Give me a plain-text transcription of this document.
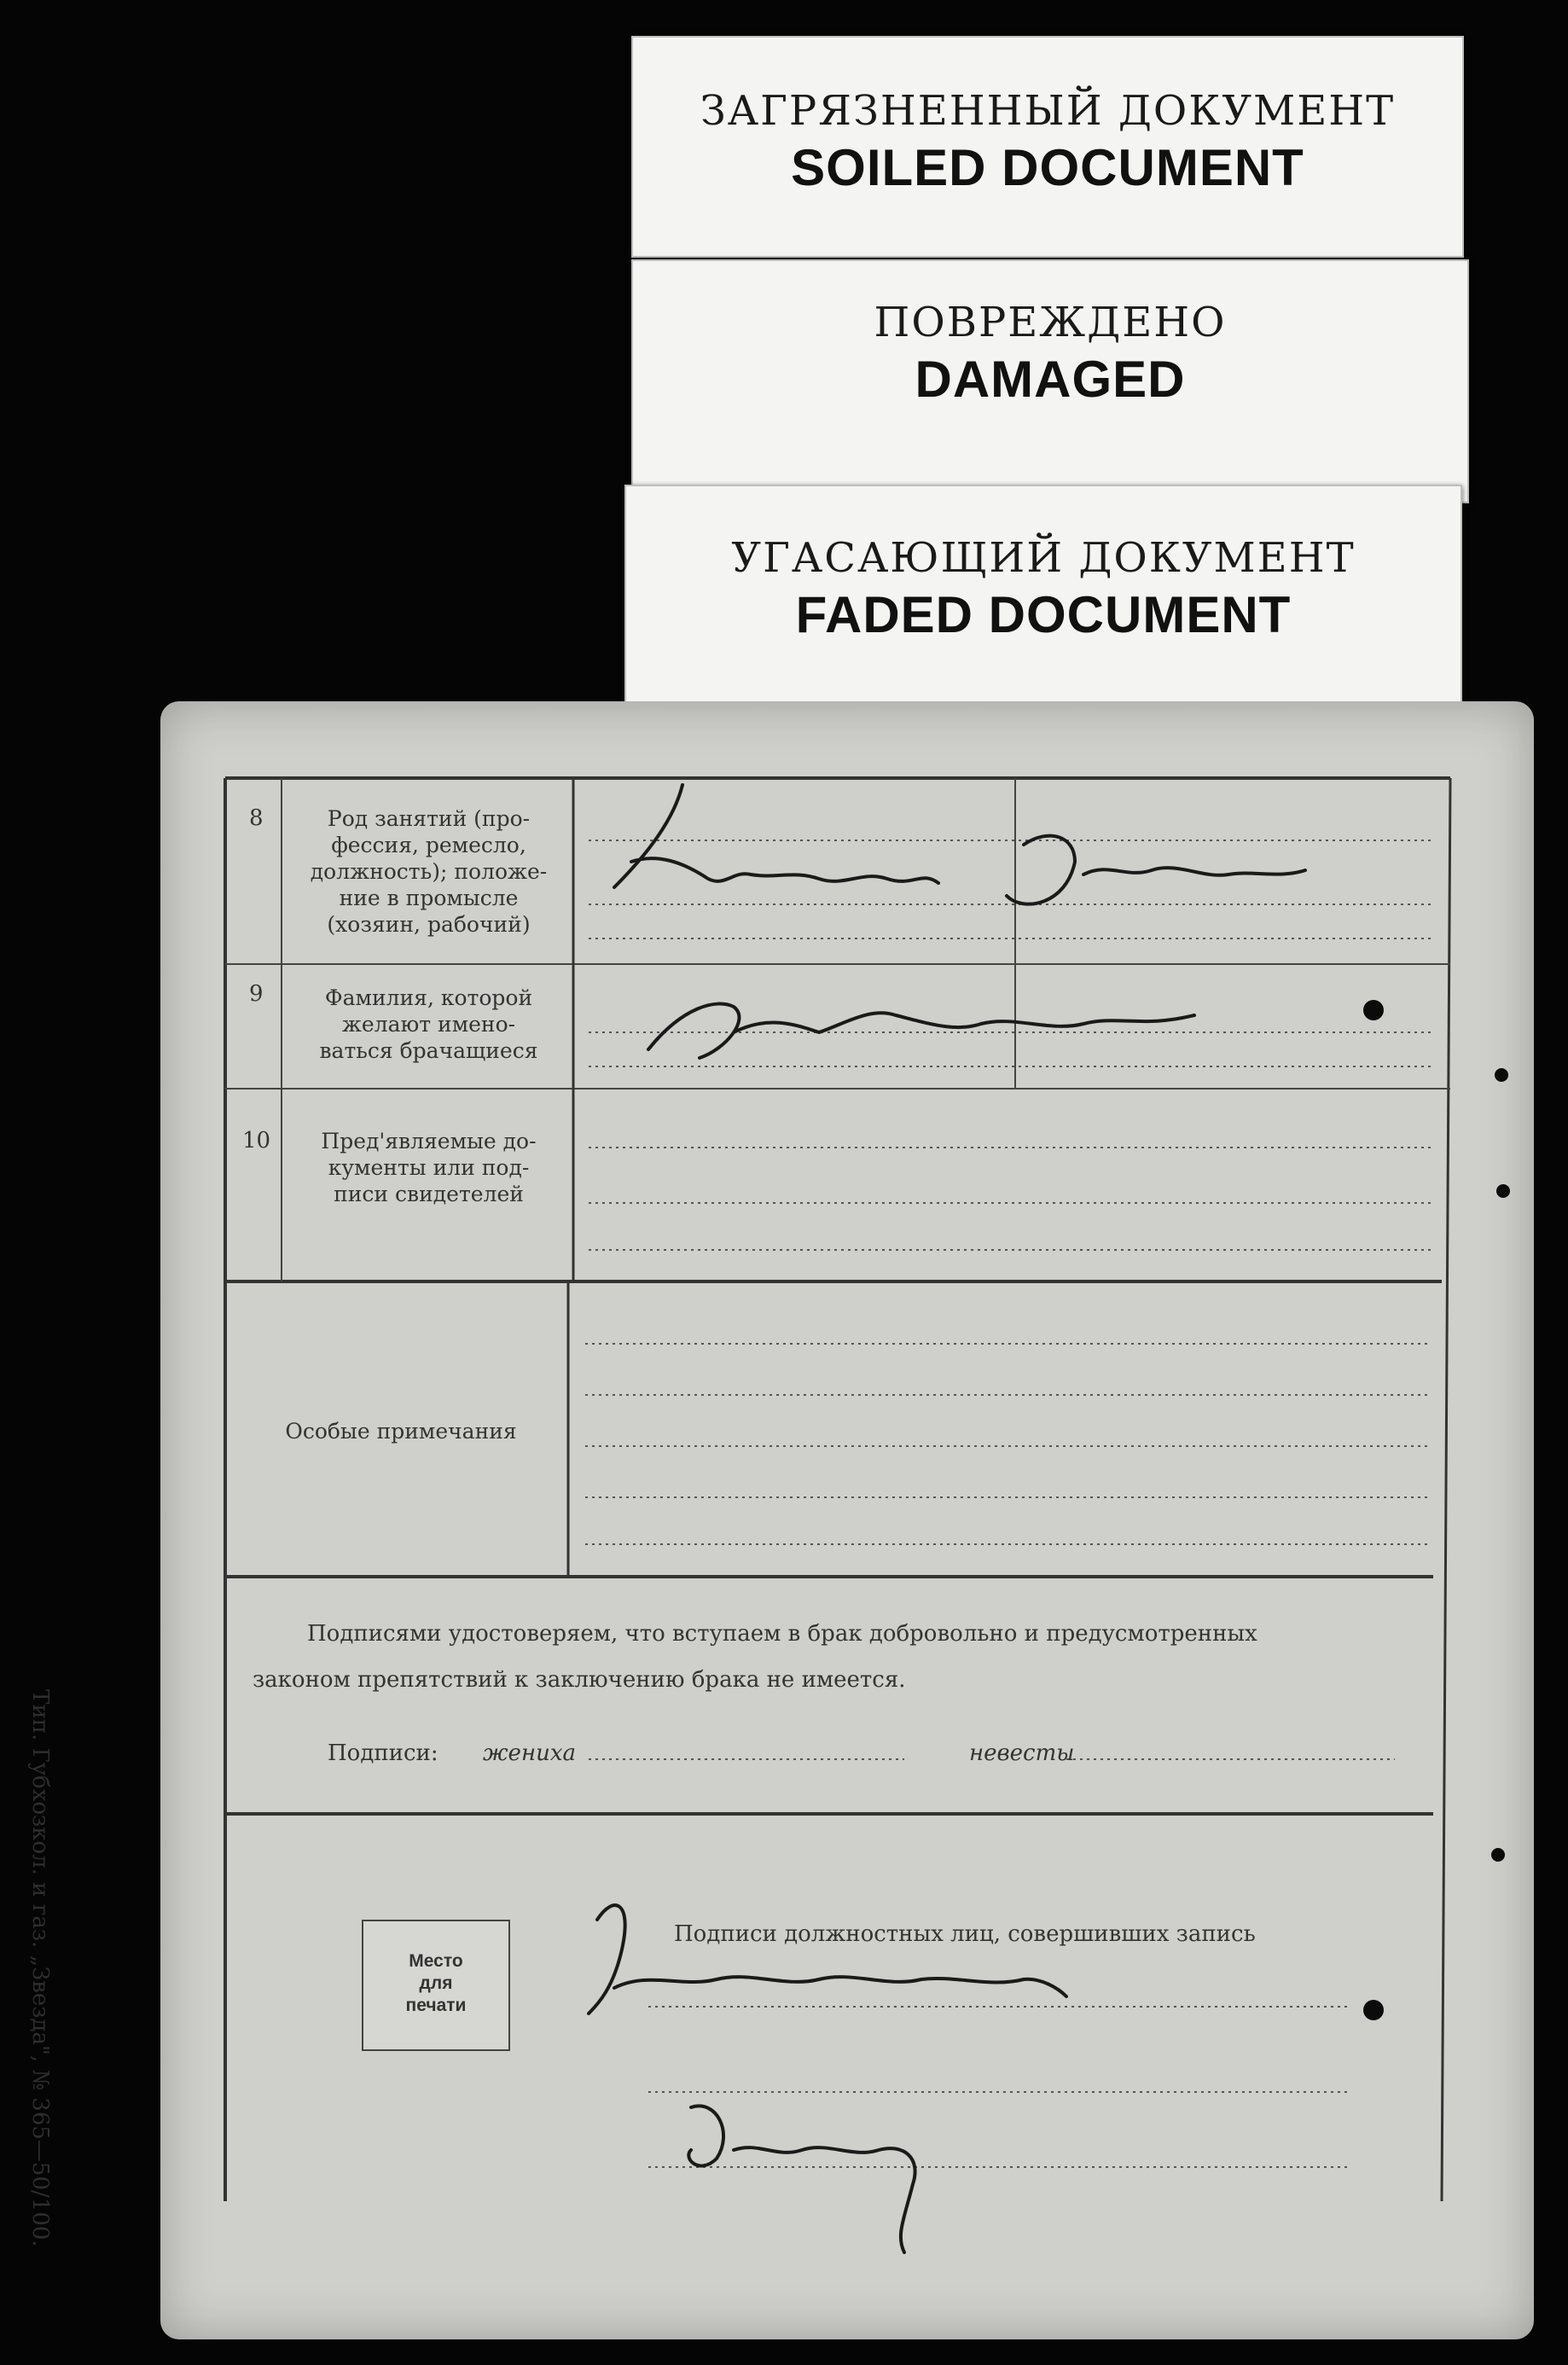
ЗАГРЯЗНЕННЫЙ ДОКУМЕНТ
SOILED DOCUMENT
ПОВРЕЖДЕНО
DAMAGED
УГАСАЮЩИЙ ДОКУМЕНТ
FADED DOCUMENT
8
9
10
Род занятий (про-
фессия, ремесло,
должность); положе-
ние в промысле
(хозяин, рабочий)
Фамилия, которой
желают имено-
ваться брачащиеся
Пред'являемые до-
кументы или под-
писи свидетелей
Особые примечания
Подписями удостоверяем, что вступаем в брак добровольно и предусмотренных
законом препятствий к заключению брака не имеется.
Подписи: жениха	невесты
Подписи должностных лиц, совершивших запись
Место
для
печати
Тип. Губхозкол. и газ. „Звезда", № 365—50/100.
